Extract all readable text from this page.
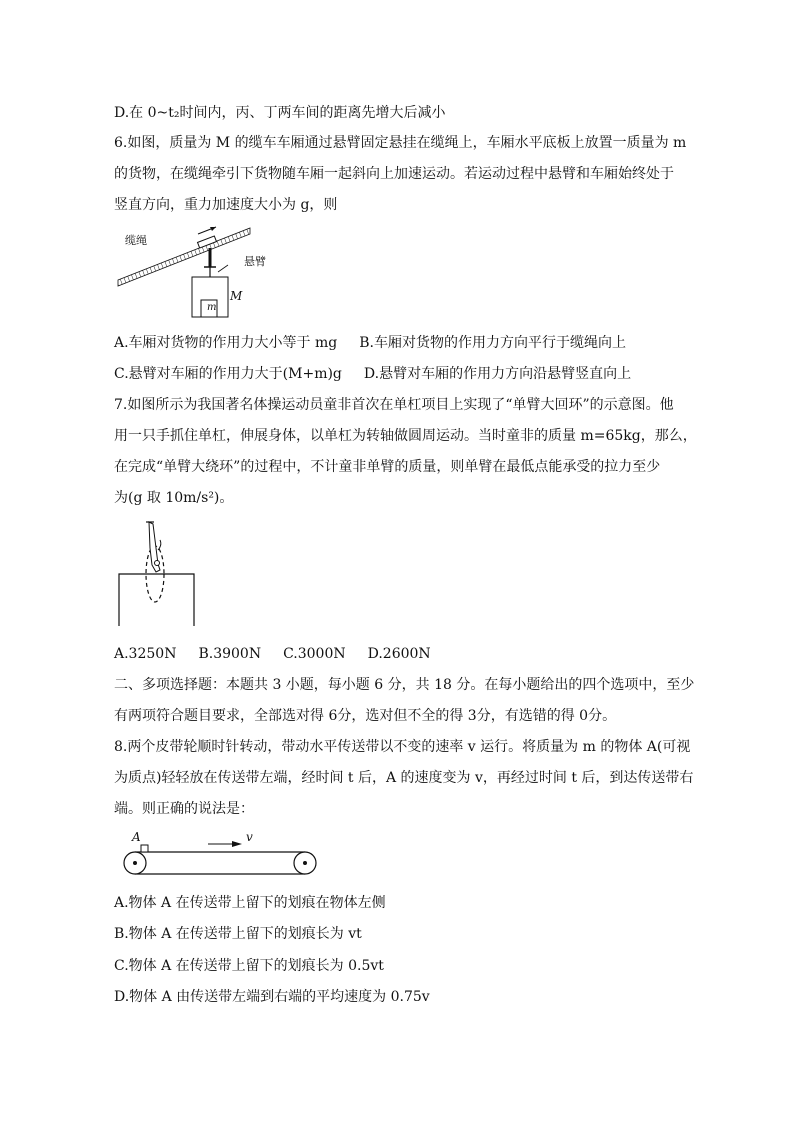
D.在 0~t₂时间内，丙、丁两车间的距离先增大后减小
6.如图，质量为 M 的缆车车厢通过悬臂固定悬挂在缆绳上，车厢水平底板上放置一质量为 m
的货物，在缆绳牵引下货物随车厢一起斜向上加速运动。若运动过程中悬臂和车厢始终处于
竖直方向，重力加速度大小为 g，则
缆绳
悬臂
M
m
A.车厢对货物的作用力大小等于 mg B.车厢对货物的作用力方向平行于缆绳向上
C.悬臂对车厢的作用力大于(M+m)g D.悬臂对车厢的作用力方向沿悬臂竖直向上
7.如图所示为我国著名体操运动员童非首次在单杠项目上实现了“单臂大回环”的示意图。他
用一只手抓住单杠，伸展身体，以单杠为转轴做圆周运动。当时童非的质量 m=65kg，那么，
在完成“单臂大绕环”的过程中，不计童非单臂的质量，则单臂在最低点能承受的拉力至少
为(g 取 10m/s²)。
A.3250N B.3900N C.3000N D.2600N
二、多项选择题：本题共 3 小题，每小题 6 分，共 18 分。在每小题给出的四个选项中，至少
有两项符合题目要求，全部选对得 6分，选对但不全的得 3分，有选错的得 0分。
8.两个皮带轮顺时针转动，带动水平传送带以不变的速率 v 运行。将质量为 m 的物体 A(可视
为质点)轻轻放在传送带左端，经时间 t 后，A 的速度变为 v，再经过时间 t 后，到达传送带右
端。则正确的说法是：
A	v
A.物体 A 在传送带上留下的划痕在物体左侧
B.物体 A 在传送带上留下的划痕长为 vt
C.物体 A 在传送带上留下的划痕长为 0.5vt
D.物体 A 由传送带左端到右端的平均速度为 0.75v
